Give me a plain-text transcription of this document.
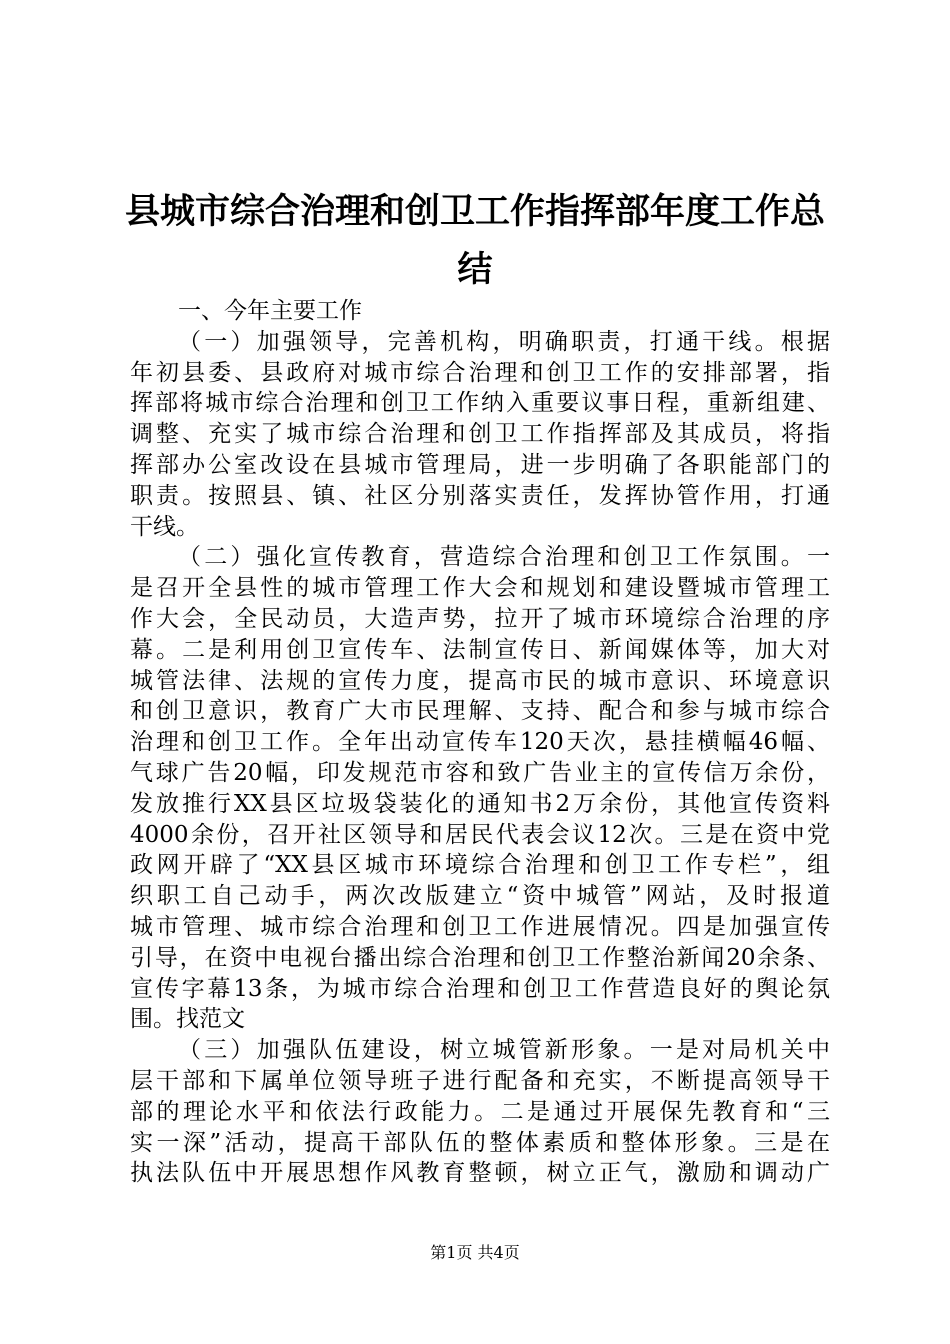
县城市综合治理和创卫工作指挥部年度工作总
结
一、今年主要工作
（一）加强领导，完善机构，明确职责，打通干线。根据
年初县委、县政府对城市综合治理和创卫工作的安排部署，指
挥部将城市综合治理和创卫工作纳入重要议事日程，重新组建、
调整、充实了城市综合治理和创卫工作指挥部及其成员，将指
挥部办公室改设在县城市管理局，进一步明确了各职能部门的
职责。按照县、镇、社区分别落实责任，发挥协管作用，打通
干线。
（二）强化宣传教育，营造综合治理和创卫工作氛围。一
是召开全县性的城市管理工作大会和规划和建设暨城市管理工
作大会，全民动员，大造声势，拉开了城市环境综合治理的序
幕。二是利用创卫宣传车、法制宣传日、新闻媒体等，加大对
城管法律、法规的宣传力度，提高市民的城市意识、环境意识
和创卫意识，教育广大市民理解、支持、配合和参与城市综合
治理和创卫工作。全年出动宣传车120天次，悬挂横幅46幅、
气球广告20幅，印发规范市容和致广告业主的宣传信万余份，
发放推行XX县区垃圾袋装化的通知书2万余份，其他宣传资料
4000余份，召开社区领导和居民代表会议12次。三是在资中党
政网开辟了“XX县区城市环境综合治理和创卫工作专栏”，组
织职工自己动手，两次改版建立“资中城管”网站，及时报道
城市管理、城市综合治理和创卫工作进展情况。四是加强宣传
引导，在资中电视台播出综合治理和创卫工作整治新闻20余条、
宣传字幕13条，为城市综合治理和创卫工作营造良好的舆论氛
围。找范文
（三）加强队伍建设，树立城管新形象。一是对局机关中
层干部和下属单位领导班子进行配备和充实，不断提高领导干
部的理论水平和依法行政能力。二是通过开展保先教育和“三
实一深”活动，提高干部队伍的整体素质和整体形象。三是在
执法队伍中开展思想作风教育整顿，树立正气，激励和调动广
第1页 共4页
